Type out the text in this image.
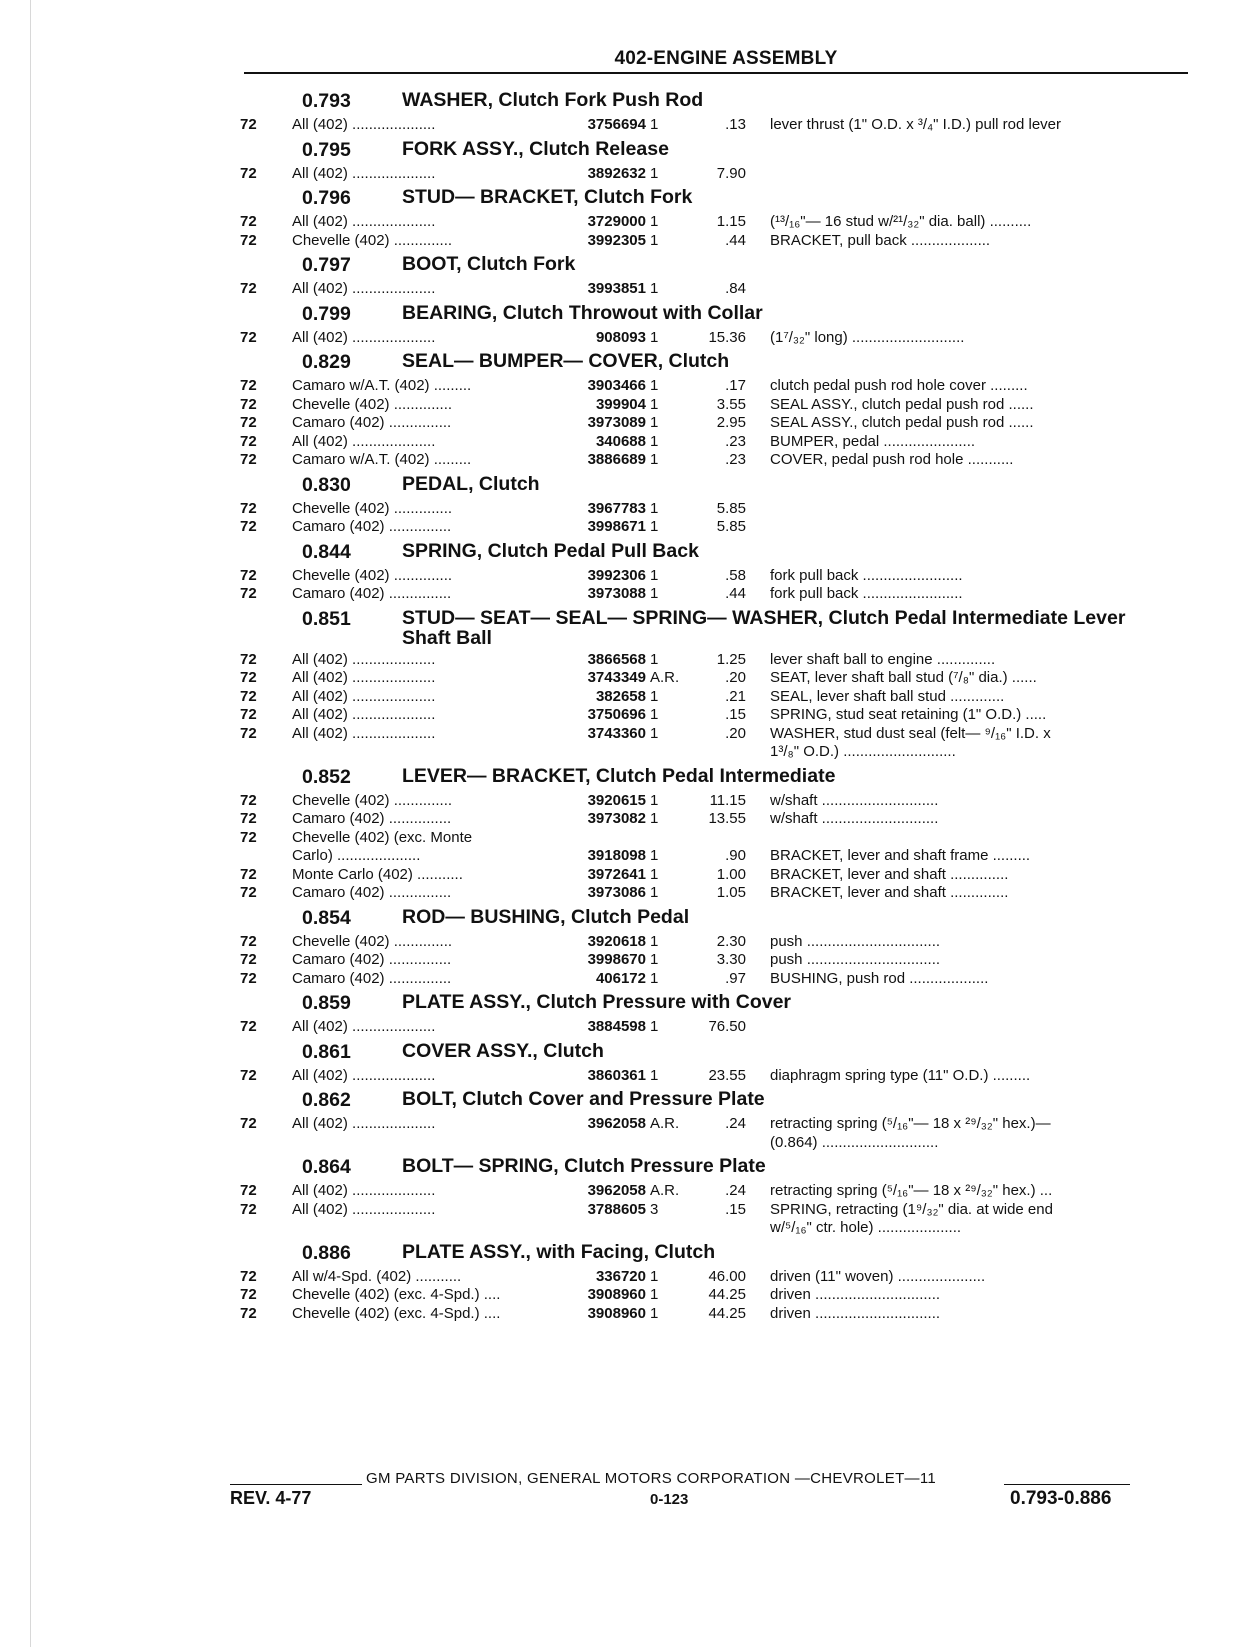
402-ENGINE ASSEMBLY
0.793	WASHER, Clutch Fork Push Rod
72	All (402) ....................	3756694 1	.13	lever thrust (1" O.D. x ³/₄" I.D.) pull rod lever
0.795	FORK ASSY., Clutch Release
72	All (402) ....................	3892632 1	7.90
0.796	STUD— BRACKET, Clutch Fork
72	All (402) ....................	3729000 1	1.15	(¹³/₁₆"— 16 stud w/²¹/₃₂" dia. ball) ..........
72	Chevelle (402) ..............	3992305 1	.44	BRACKET, pull back ...................
0.797	BOOT, Clutch Fork
72	All (402) ....................	3993851 1	.84
0.799	BEARING, Clutch Throwout with Collar
72	All (402) ....................	908093 1	15.36	(1⁷/₃₂" long) ...........................
0.829	SEAL— BUMPER— COVER, Clutch
72	Camaro w/A.T. (402) .........	3903466 1	.17	clutch pedal push rod hole cover .........
72	Chevelle (402) ..............	399904 1	3.55	SEAL ASSY., clutch pedal push rod ......
72	Camaro (402) ...............	3973089 1	2.95	SEAL ASSY., clutch pedal push rod ......
72	All (402) ....................	340688 1	.23	BUMPER, pedal ......................
72	Camaro w/A.T. (402) .........	3886689 1	.23	COVER, pedal push rod hole ...........
0.830	PEDAL, Clutch
72	Chevelle (402) ..............	3967783 1	5.85
72	Camaro (402) ...............	3998671 1	5.85
0.844	SPRING, Clutch Pedal Pull Back
72	Chevelle (402) ..............	3992306 1	.58	fork pull back ........................
72	Camaro (402) ...............	3973088 1	.44	fork pull back ........................
0.851	STUD— SEAT— SEAL— SPRING— WASHER, Clutch Pedal Intermediate Lever Shaft Ball
72	All (402) ....................	3866568 1	1.25	lever shaft ball to engine ..............
72	All (402) ....................	3743349 A.R.	.20	SEAT, lever shaft ball stud (⁷/₈" dia.) ......
72	All (402) ....................	382658 1	.21	SEAL, lever shaft ball stud .............
72	All (402) ....................	3750696 1	.15	SPRING, stud seat retaining (1" O.D.) .....
72	All (402) ....................	3743360 1	.20	WASHER, stud dust seal (felt— ⁹/₁₆" I.D. x
1³/₈" O.D.) ...........................
0.852	LEVER— BRACKET, Clutch Pedal Intermediate
72	Chevelle (402) ..............	3920615 1	11.15	w/shaft ............................
72	Camaro (402) ...............	3973082 1	13.55	w/shaft ............................
72	Chevelle (402) (exc. Monte
Carlo) ....................	3918098 1	.90	BRACKET, lever and shaft frame .........
72	Monte Carlo (402) ...........	3972641 1	1.00	BRACKET, lever and shaft ..............
72	Camaro (402) ...............	3973086 1	1.05	BRACKET, lever and shaft ..............
0.854	ROD— BUSHING, Clutch Pedal
72	Chevelle (402) ..............	3920618 1	2.30	push ................................
72	Camaro (402) ...............	3998670 1	3.30	push ................................
72	Camaro (402) ...............	406172 1	.97	BUSHING, push rod ...................
0.859	PLATE ASSY., Clutch Pressure with Cover
72	All (402) ....................	3884598 1	76.50
0.861	COVER ASSY., Clutch
72	All (402) ....................	3860361 1	23.55	diaphragm spring type (11" O.D.) .........
0.862	BOLT, Clutch Cover and Pressure Plate
72	All (402) ....................	3962058 A.R.	.24	retracting spring (⁵/₁₆"— 18 x ²⁹/₃₂" hex.)—
(0.864) ............................
0.864	BOLT— SPRING, Clutch Pressure Plate
72	All (402) ....................	3962058 A.R.	.24	retracting spring (⁵/₁₆"— 18 x ²⁹/₃₂" hex.) ...
72	All (402) ....................	3788605 3	.15	SPRING, retracting (1⁹/₃₂" dia. at wide end
w/⁵/₁₆" ctr. hole) ....................
0.886	PLATE ASSY., with Facing, Clutch
72	All w/4-Spd. (402) ...........	336720 1	46.00	driven (11" woven) .....................
72	Chevelle (402) (exc. 4-Spd.) ....	3908960 1	44.25	driven ..............................
72	Chevelle (402) (exc. 4-Spd.) ....	3908960 1	44.25	driven ..............................
GM PARTS DIVISION, GENERAL MOTORS CORPORATION —CHEVROLET—11
REV. 4-77	0-123	0.793-0.886
